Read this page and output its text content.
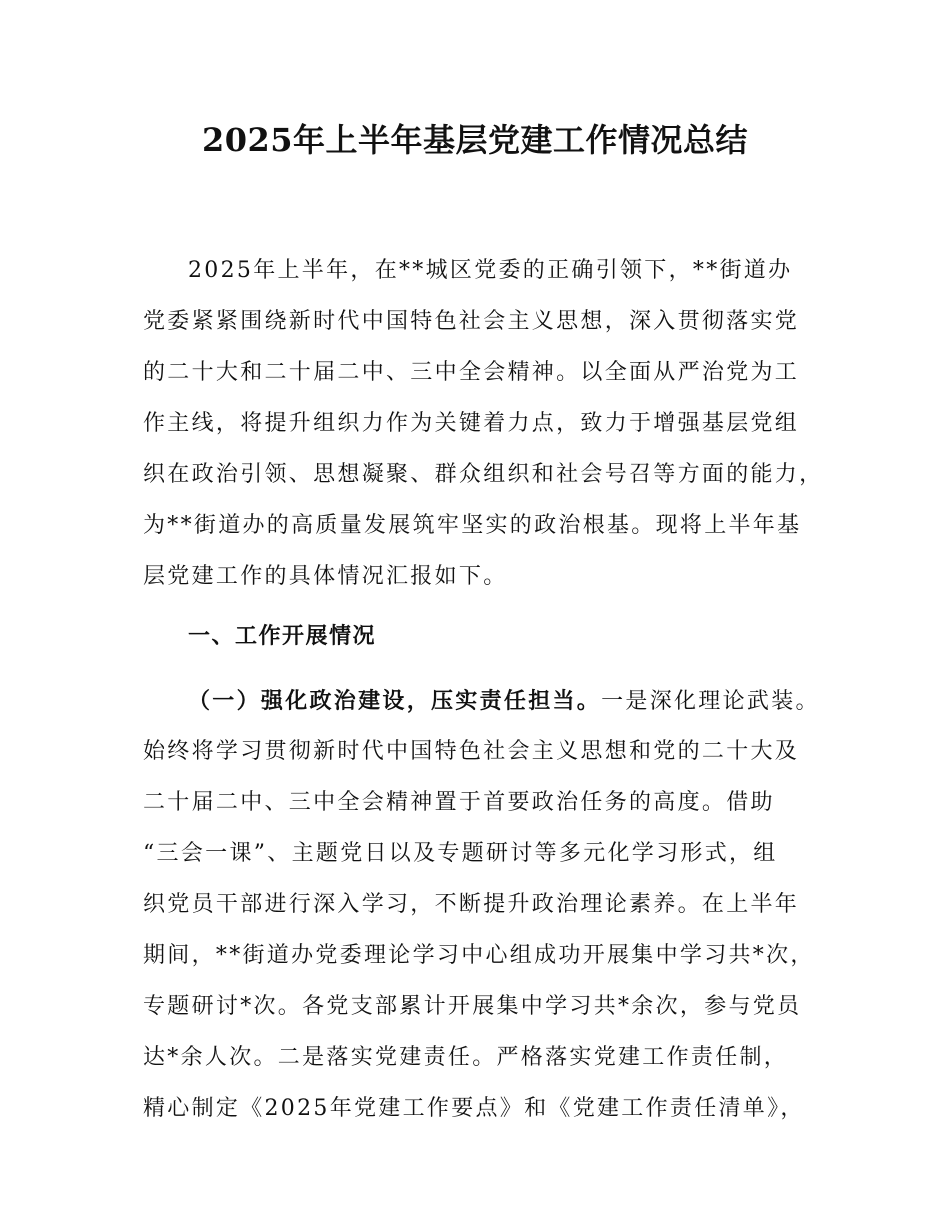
2025年上半年基层党建工作情况总结
2025年上半年，在**城区党委的正确引领下，**街道办
党委紧紧围绕新时代中国特色社会主义思想，深入贯彻落实党
的二十大和二十届二中、三中全会精神。以全面从严治党为工
作主线，将提升组织力作为关键着力点，致力于增强基层党组
织在政治引领、思想凝聚、群众组织和社会号召等方面的能力，
为**街道办的高质量发展筑牢坚实的政治根基。现将上半年基
层党建工作的具体情况汇报如下。
一、工作开展情况
（一）强化政治建设，压实责任担当。一是深化理论武装。
始终将学习贯彻新时代中国特色社会主义思想和党的二十大及
二十届二中、三中全会精神置于首要政治任务的高度。借助
“三会一课”、主题党日以及专题研讨等多元化学习形式，组
织党员干部进行深入学习，不断提升政治理论素养。在上半年
期间，**街道办党委理论学习中心组成功开展集中学习共*次，
专题研讨*次。各党支部累计开展集中学习共*余次，参与党员
达*余人次。二是落实党建责任。严格落实党建工作责任制，
精心制定《2025年党建工作要点》和《党建工作责任清单》，
